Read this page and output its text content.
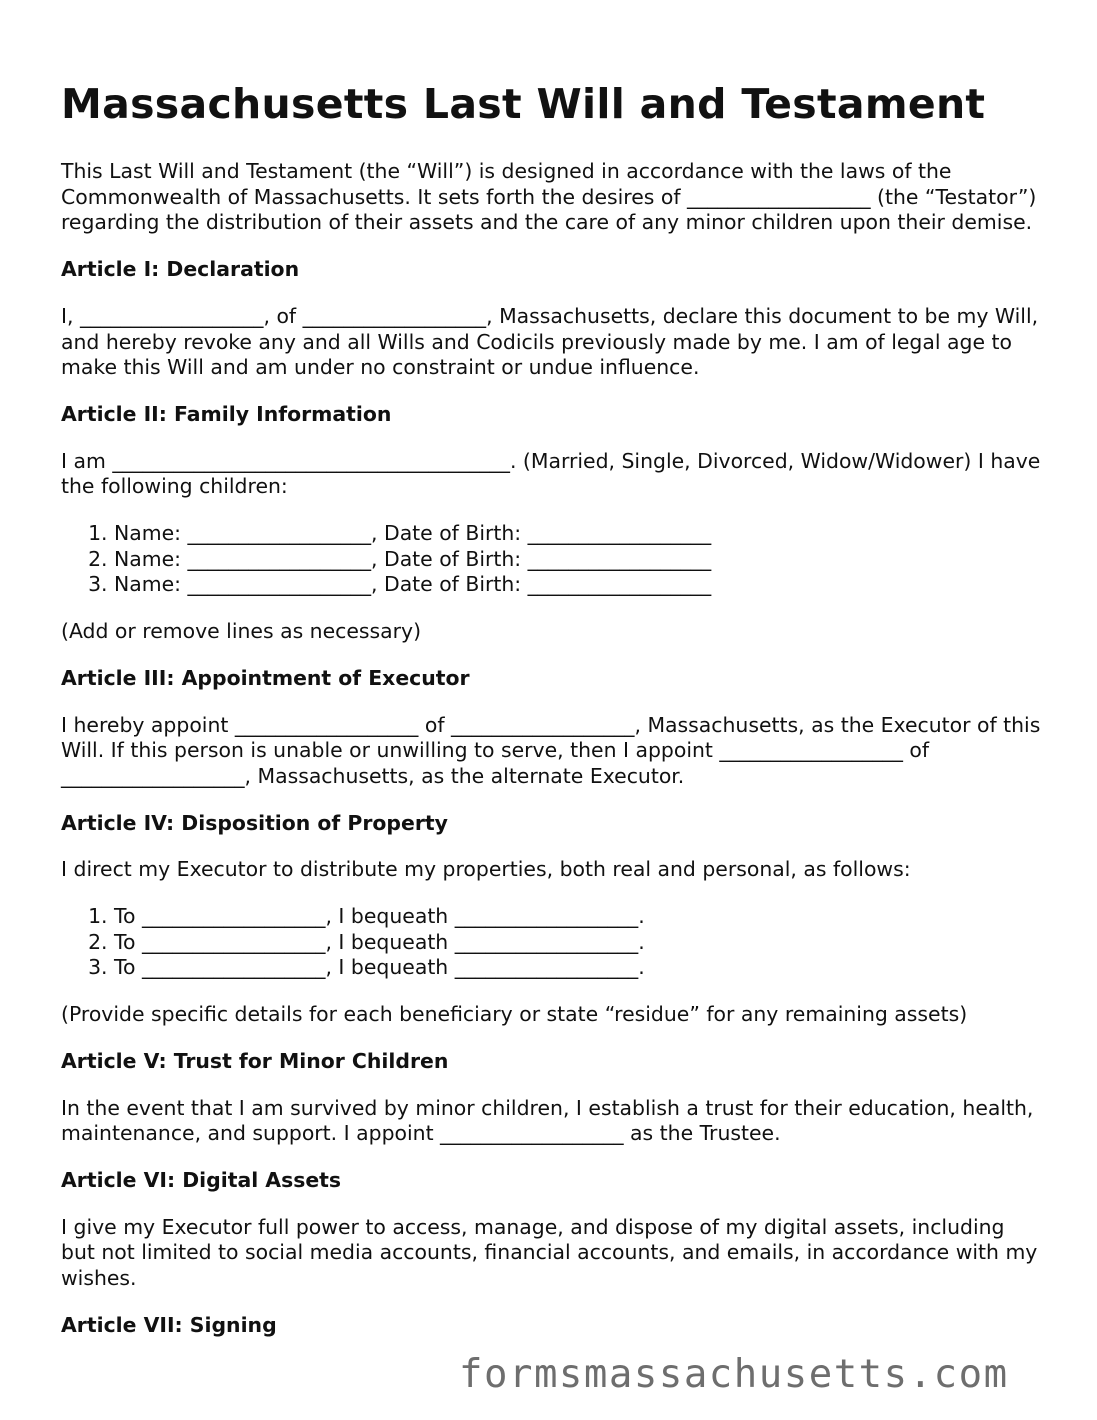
Massachusetts Last Will and Testament

This Last Will and Testament (the “Will”) is designed in accordance with the laws of the Commonwealth of Massachusetts. It sets forth the desires of __________________ (the “Testator”) regarding the distribution of their assets and the care of any minor children upon their demise.

Article I: Declaration

I, __________________, of __________________, Massachusetts, declare this document to be my Will, and hereby revoke any and all Wills and Codicils previously made by me. I am of legal age to make this Will and am under no constraint or undue influence.

Article II: Family Information

I am _______________________________________. (Married, Single, Divorced, Widow/Widower) I have the following children:

1. Name: __________________, Date of Birth: __________________
2. Name: __________________, Date of Birth: __________________
3. Name: __________________, Date of Birth: __________________

(Add or remove lines as necessary)

Article III: Appointment of Executor

I hereby appoint __________________ of __________________, Massachusetts, as the Executor of this Will. If this person is unable or unwilling to serve, then I appoint __________________ of __________________, Massachusetts, as the alternate Executor.

Article IV: Disposition of Property

I direct my Executor to distribute my properties, both real and personal, as follows:

1. To __________________, I bequeath __________________.
2. To __________________, I bequeath __________________.
3. To __________________, I bequeath __________________.

(Provide specific details for each beneficiary or state “residue” for any remaining assets)

Article V: Trust for Minor Children

In the event that I am survived by minor children, I establish a trust for their education, health, maintenance, and support. I appoint __________________ as the Trustee.

Article VI: Digital Assets

I give my Executor full power to access, manage, and dispose of my digital assets, including but not limited to social media accounts, financial accounts, and emails, in accordance with my wishes.

Article VII: Signing
formsmassachusetts.com
